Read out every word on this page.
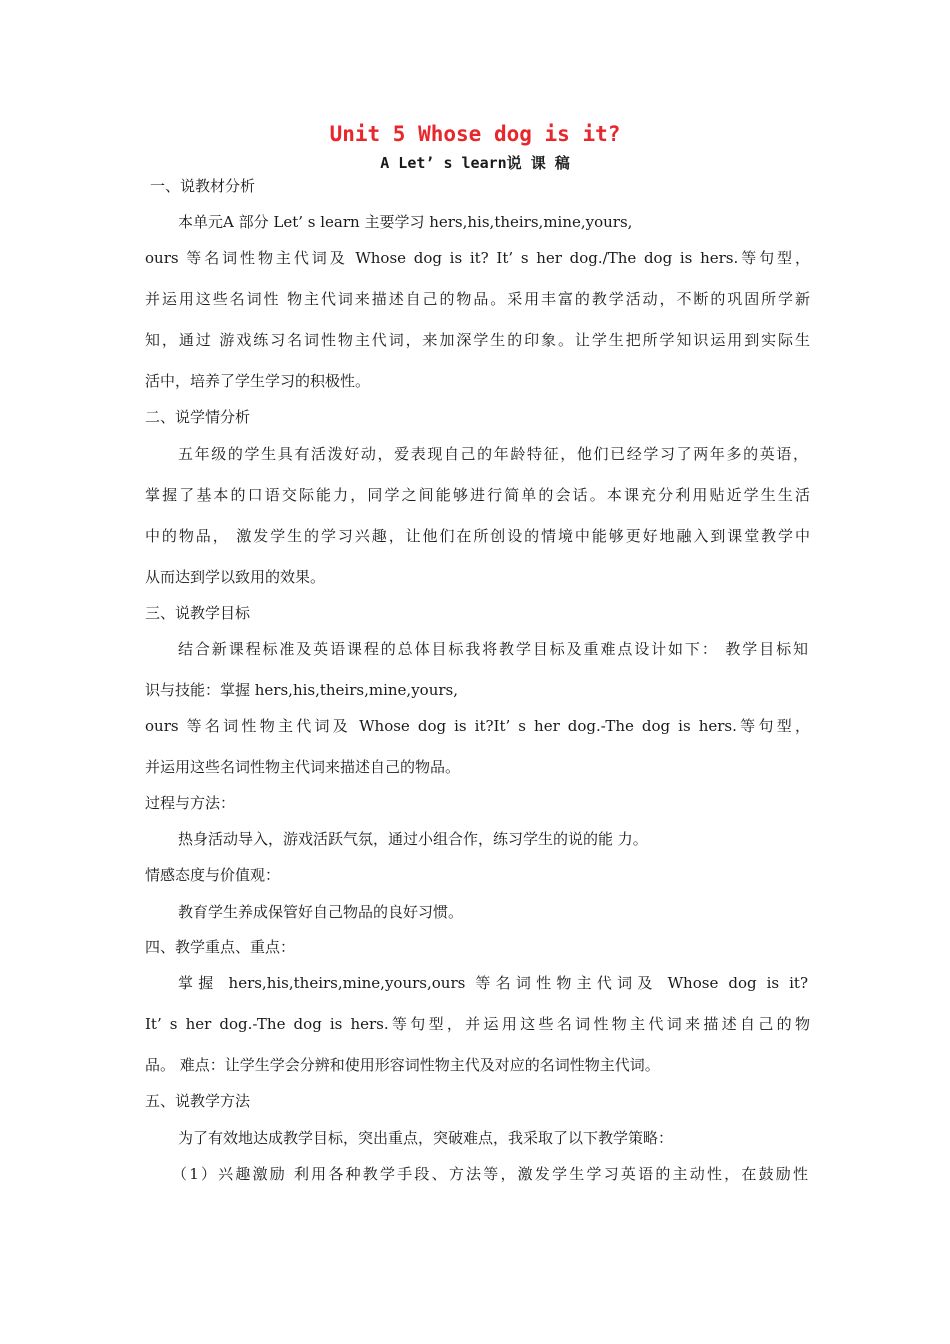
Unit 5 Whose dog is it?
A Let’ s learn说 课 稿
一、说教材分析
本单元A 部分 Let’ s learn 主要学习 hers,his,theirs,mine,yours,
ours 等名词性物主代词及 Whose dog is it? It’ s her dog./The dog is hers.等句型，
并运用这些名词性 物主代词来描述自己的物品。采用丰富的教学活动，不断的巩固所学新
知，通过 游戏练习名词性物主代词，来加深学生的印象。让学生把所学知识运用到实际生
活中，培养了学生学习的积极性。
二、说学情分析
五年级的学生具有活泼好动，爱表现自己的年龄特征，他们已经学习了两年多的英语，
掌握了基本的口语交际能力，同学之间能够进行简单的会话。本课充分利用贴近学生生活
中的物品， 激发学生的学习兴趣，让他们在所创设的情境中能够更好地融入到课堂教学中
从而达到学以致用的效果。
三、说教学目标
结合新课程标准及英语课程的总体目标我将教学目标及重难点设计如下： 教学目标知
识与技能：掌握 hers,his,theirs,mine,yours,
ours 等名词性物主代词及 Whose dog is it?It’ s her dog.-The dog is hers.等句型，
并运用这些名词性物主代词来描述自己的物品。
过程与方法：
热身活动导入，游戏活跃气氛，通过小组合作，练习学生的说的能 力。
情感态度与价值观：
教育学生养成保管好自己物品的良好习惯。
四、教学重点、重点：
掌握 hers,his,theirs,mine,yours,ours 等名词性物主代词及 Whose dog is it?
It’ s her dog.-The dog is hers.等句型，并运用这些名词性物主代词来描述自己的物
品。 难点：让学生学会分辨和使用形容词性物主代及对应的名词性物主代词。
五、说教学方法
为了有效地达成教学目标，突出重点，突破难点，我采取了以下教学策略：
（1）兴趣激励 利用各种教学手段、方法等，激发学生学习英语的主动性，在鼓励性
